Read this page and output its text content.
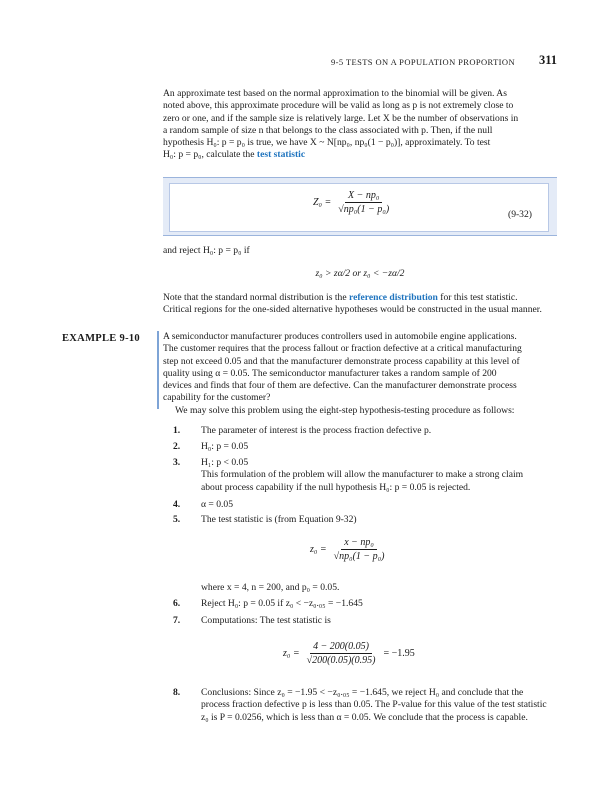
9-5 TESTS ON A POPULATION PROPORTION 311
An approximate test based on the normal approximation to the binomial will be given. As
noted above, this approximate procedure will be valid as long as p is not extremely close to
zero or one, and if the sample size is relatively large. Let X be the number of observations in
a random sample of size n that belongs to the class associated with p. Then, if the null
hypothesis H₀: p = p₀ is true, we have X ~ N[np₀, np₀(1 − p₀)], approximately. To test
H₀: p = p₀, calculate the test statistic
$Z_0 = \frac{\text{X − np₀}}{\text{√np₀(1 − p₀)}}$	(9-32)
and reject H₀: p = p₀ if
z₀ > zα/2 or z₀ < −zα/2
Note that the standard normal distribution is the reference distribution for this test statistic.
Critical regions for the one-sided alternative hypotheses would be constructed in the usual manner.
EXAMPLE 9-10 A semiconductor manufacturer produces controllers used in automobile engine applications.
The customer requires that the process fallout or fraction defective at a critical manufacturing
step not exceed 0.05 and that the manufacturer demonstrate process capability at this level of
quality using α = 0.05. The semiconductor manufacturer takes a random sample of 200
devices and finds that four of them are defective. Can the manufacturer demonstrate process
capability for the customer?
We may solve this problem using the eight-step hypothesis-testing procedure as follows:
1. The parameter of interest is the process fraction defective p.
2. H₀: p = 0.05
3. H₁: p < 0.05
This formulation of the problem will allow the manufacturer to make a strong claim
about process capability if the null hypothesis H₀: p = 0.05 is rejected.
4. α = 0.05
5. The test statistic is (from Equation 9-32)
$z_0 = \frac{\text{x − np₀}}{\text{√np₀(1 − p₀)}}$
where x = 4, n = 200, and p₀ = 0.05.
6. Reject H₀: p = 0.05 if z₀ < −z₀.₀₅ = −1.645
7. Computations: The test statistic is
$z_0 = \frac{4 - 200(0.05)}{√200(0.05)(0.95)} = -1.95$
8. Conclusions: Since z₀ = −1.95 < −z₀.₀₅ = −1.645, we reject H₀ and conclude that the
process fraction defective p is less than 0.05. The P-value for this value of the test statistic
z₀ is P = 0.0256, which is less than α = 0.05. We conclude that the process is capable.
